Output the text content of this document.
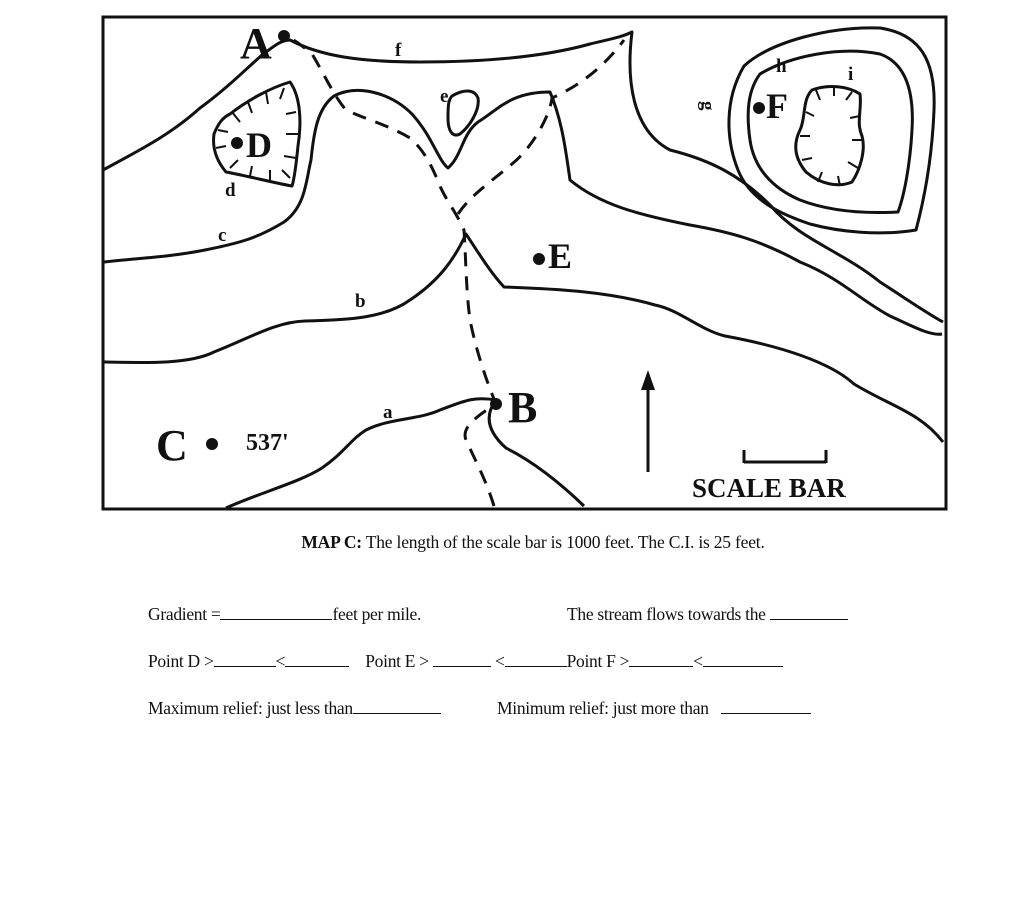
a
b
c
d
e
f
g
h	i
A
B
C
D
E
F
537'
SCALE BAR
MAP C: The length of the scale bar is 1000 feet. The C.I. is 25 feet.
Gradient =	feet per mile.	The stream flows towards the
Point D >	<	Point E >	<	Point F >	<
Maximum relief: just less than	Minimum relief: just more than
